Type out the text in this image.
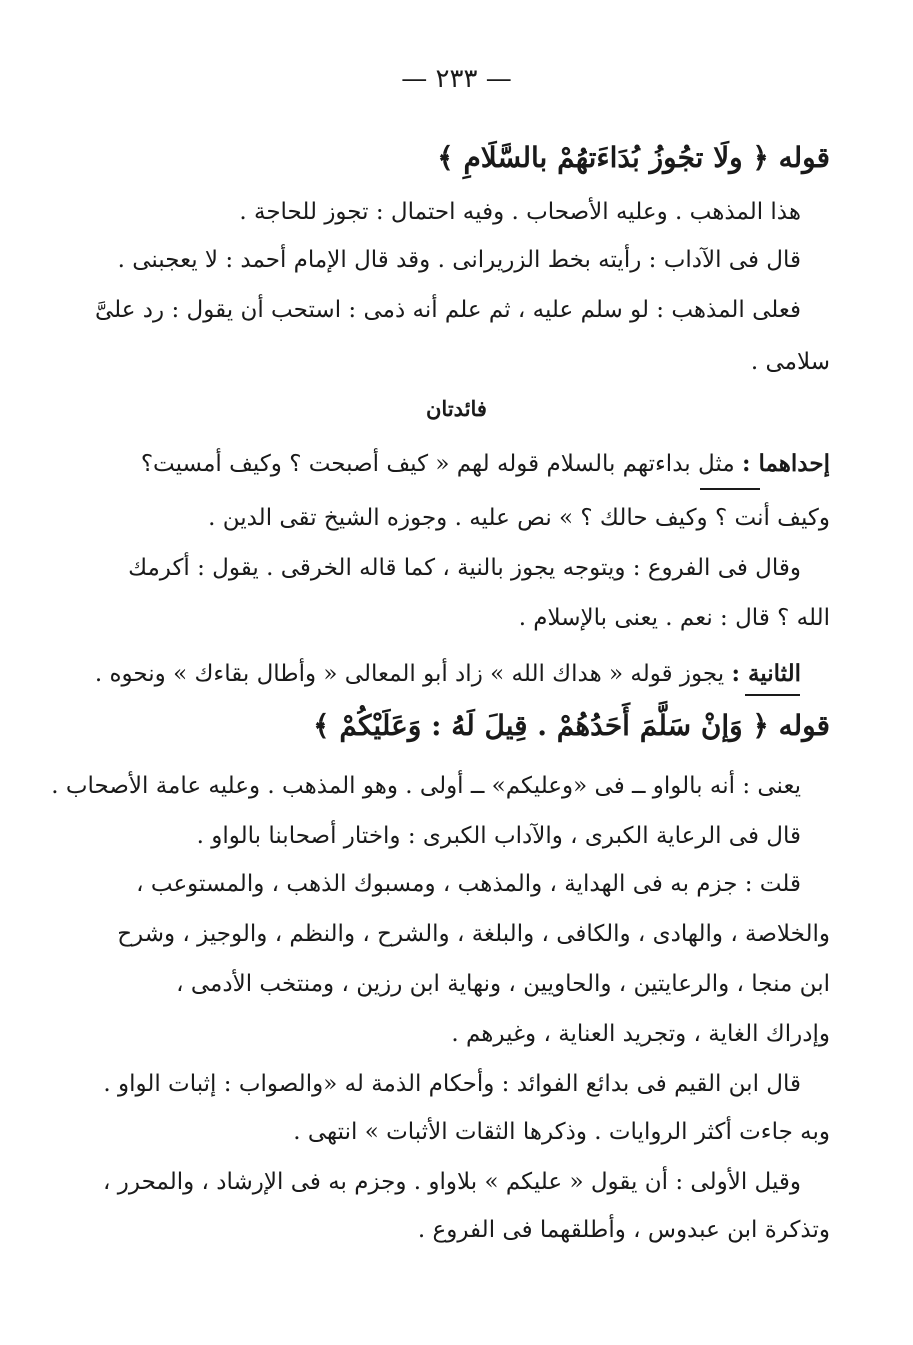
— ٢٣٣ —
قوله ﴿ ولَا تجُوزُ بُدَاءَتهُمْ بالسَّلَامِ ﴾
هذا المذهب . وعليه الأصحاب . وفيه احتمال : تجوز للحاجة .
قال فى الآداب : رأيته بخط الزريرانى . وقد قال الإمام أحمد : لا يعجبنى .
فعلى المذهب : لو سلم عليه ، ثم علم أنه ذمى : استحب أن يقول : رد علىَّ
سلامى .
فائدتان
إحداهما : مثل بداءتهم بالسلام قوله لهم « كيف أصبحت ؟ وكيف أمسيت؟
وكيف أنت ؟ وكيف حالك ؟ » نص عليه . وجوزه الشيخ تقى الدين .
وقال فى الفروع : ويتوجه يجوز بالنية ، كما قاله الخرقى . يقول : أكرمك
الله ؟ قال : نعم . يعنى بالإسلام .
الثانية : يجوز قوله « هداك الله » زاد أبو المعالى « وأطال بقاءك » ونحوه .
قوله ﴿ وَإنْ سَلَّمَ أَحَدُهُمْ . قِيلَ لَهُ : وَعَلَيْكُمْ ﴾
يعنى : أنه بالواو ــ فى «وعليكم» ــ أولى . وهو المذهب . وعليه عامة الأصحاب .
قال فى الرعاية الكبرى ، والآداب الكبرى : واختار أصحابنا بالواو .
قلت : جزم به فى الهداية ، والمذهب ، ومسبوك الذهب ، والمستوعب ،
والخلاصة ، والهادى ، والكافى ، والبلغة ، والشرح ، والنظم ، والوجيز ، وشرح
ابن منجا ، والرعايتين ، والحاويين ، ونهاية ابن رزين ، ومنتخب الأدمى ،
وإدراك الغاية ، وتجريد العناية ، وغيرهم .
قال ابن القيم فى بدائع الفوائد : وأحكام الذمة له «والصواب : إثبات الواو .
وبه جاءت أكثر الروايات . وذكرها الثقات الأثبات » انتهى .
وقيل الأولى : أن يقول « عليكم » بلاواو . وجزم به فى الإرشاد ، والمحرر ،
وتذكرة ابن عبدوس ، وأطلقهما فى الفروع .
